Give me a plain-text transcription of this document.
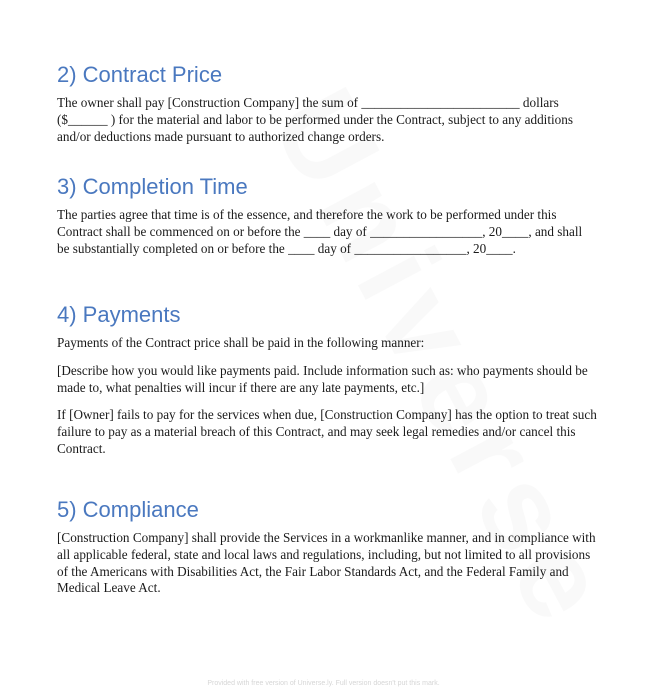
2) Contract Price

The owner shall pay [Construction Company] the sum of ________________________ dollars ($______ ) for the material and labor to be performed under the Contract, subject to any additions and/or deductions made pursuant to authorized change orders.

3) Completion Time

The parties agree that time is of the essence, and therefore the work to be performed under this Contract shall be commenced on or before the ____ day of _________________, 20____, and shall be substantially completed on or before the ____ day of _________________, 20____.

4) Payments

Payments of the Contract price shall be paid in the following manner:

[Describe how you would like payments paid. Include information such as: who payments should be made to, what penalties will incur if there are any late payments, etc.]

If [Owner] fails to pay for the services when due, [Construction Company] has the option to treat such failure to pay as a material breach of this Contract, and may seek legal remedies and/or cancel this Contract.

5) Compliance

[Construction Company] shall provide the Services in a workmanlike manner, and in compliance with all applicable federal, state and local laws and regulations, including, but not limited to all provisions of the Americans with Disabilities Act, the Fair Labor Standards Act, and the Federal Family and Medical Leave Act.

Provided with free version of Universe.ly. Full version doesn't put this mark.
